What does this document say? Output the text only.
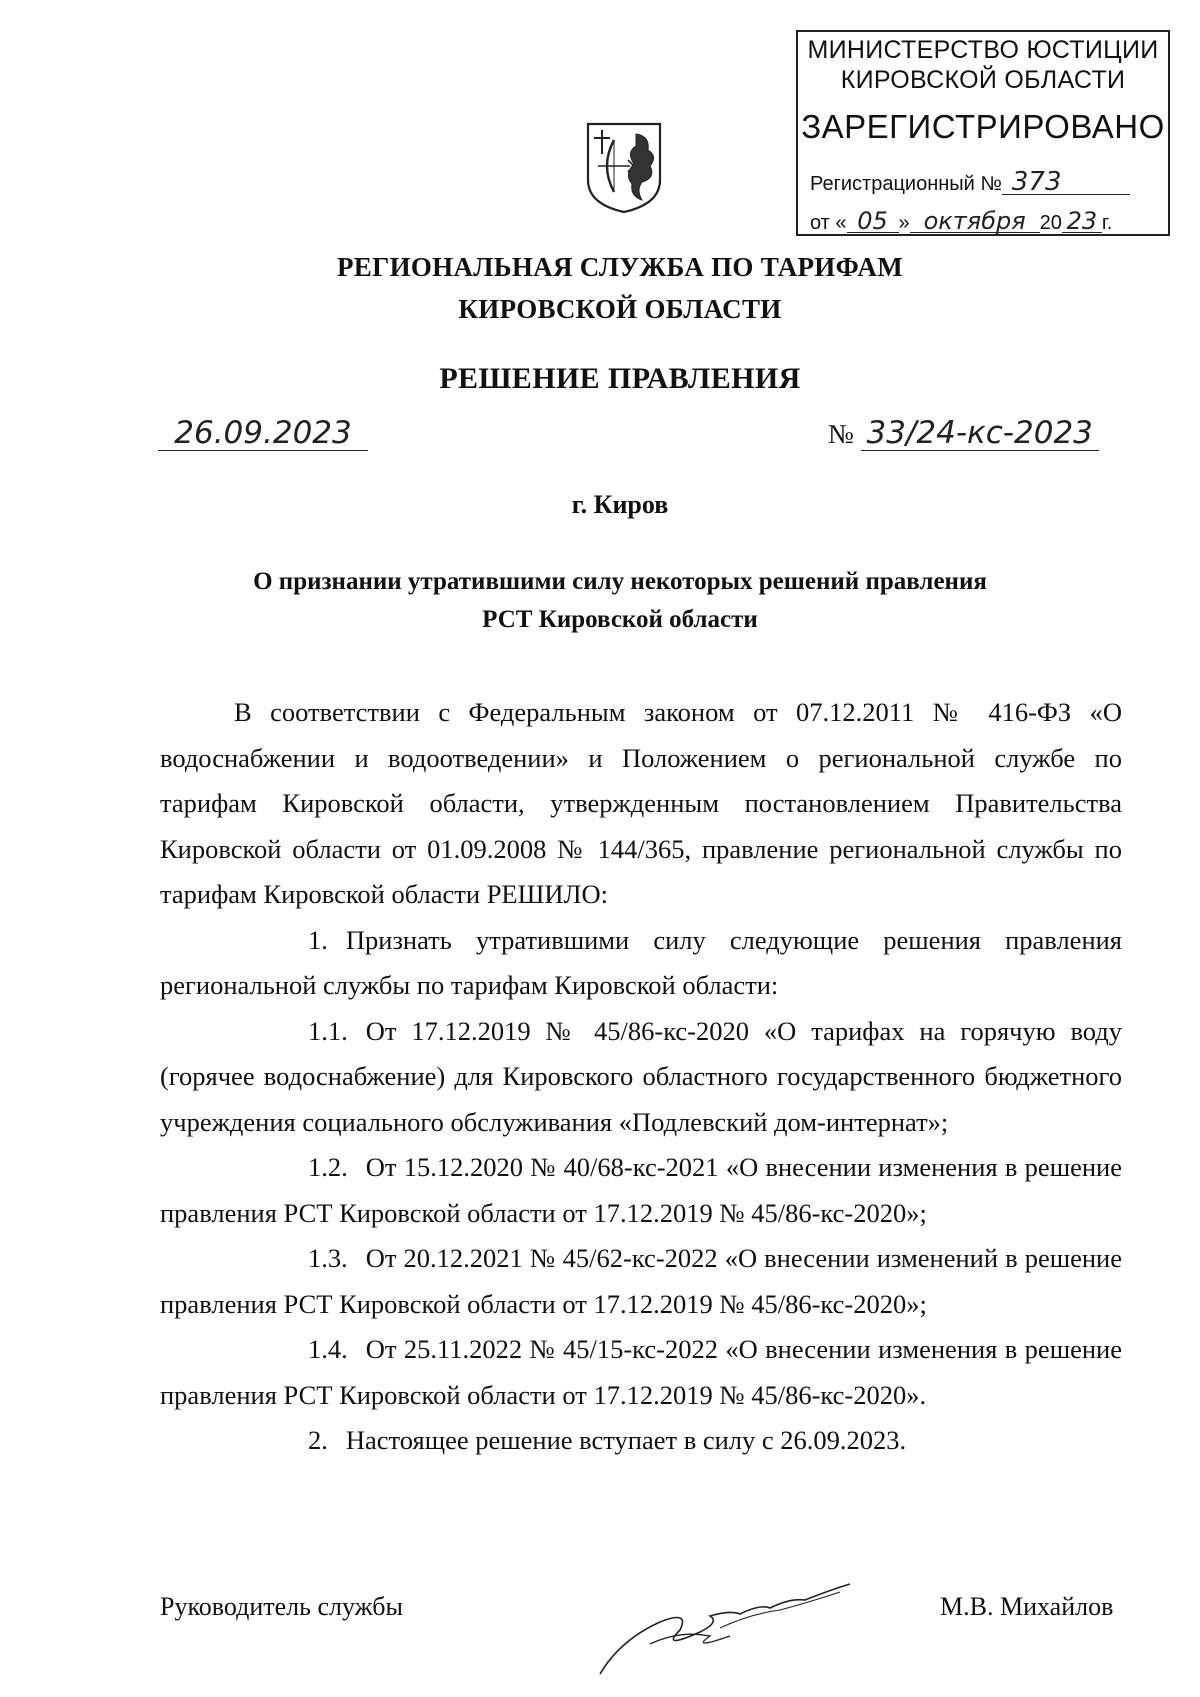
МИНИСТЕРСТВО ЮСТИЦИИ
КИРОВСКОЙ ОБЛАСТИ
ЗАРЕГИСТРИРОВАНО
Регистрационный № 373
от « 05 » октября 20 23 г.
РЕГИОНАЛЬНАЯ СЛУЖБА ПО ТАРИФАМ
КИРОВСКОЙ ОБЛАСТИ
РЕШЕНИЕ ПРАВЛЕНИЯ
26.09.2023	№ 33/24-кс-2023
г. Киров
О признании утратившими силу некоторых решений правления
РСТ Кировской области

В соответствии с Федеральным законом от 07.12.2011 № 416-ФЗ «О водоснабжении и водоотведении» и Положением о региональной службе по тарифам Кировской области, утвержденным постановлением Правительства Кировской области от 01.09.2008 № 144/365, правление региональной службы по тарифам Кировской области РЕШИЛО:

1. Признать утратившими силу следующие решения правления региональной службы по тарифам Кировской области:

1.1. От 17.12.2019 № 45/86-кс-2020 «О тарифах на горячую воду (горячее водоснабжение) для Кировского областного государственного бюджетного учреждения социального обслуживания «Подлевский дом-интернат»;

1.2. От 15.12.2020 № 40/68-кс-2021 «О внесении изменения в решение правления РСТ Кировской области от 17.12.2019 № 45/86-кс-2020»;

1.3. От 20.12.2021 № 45/62-кс-2022 «О внесении изменений в решение правления РСТ Кировской области от 17.12.2019 № 45/86-кс-2020»;

1.4. От 25.11.2022 № 45/15-кс-2022 «О внесении изменения в решение правления РСТ Кировской области от 17.12.2019 № 45/86-кс-2020».

2. Настоящее решение вступает в силу с 26.09.2023.

Руководитель службы	М.В. Михайлов
